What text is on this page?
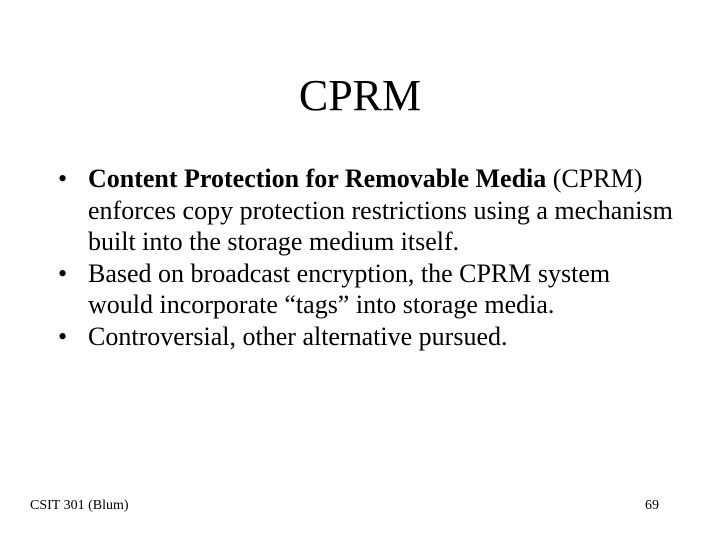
CPRM
• Content Protection for Removable Media (CPRM) enforces copy protection restrictions using a mechanism built into the storage medium itself.
• Based on broadcast encryption, the CPRM system would incorporate “tags” into storage media.
• Controversial, other alternative pursued.
CSIT 301 (Blum)	69
